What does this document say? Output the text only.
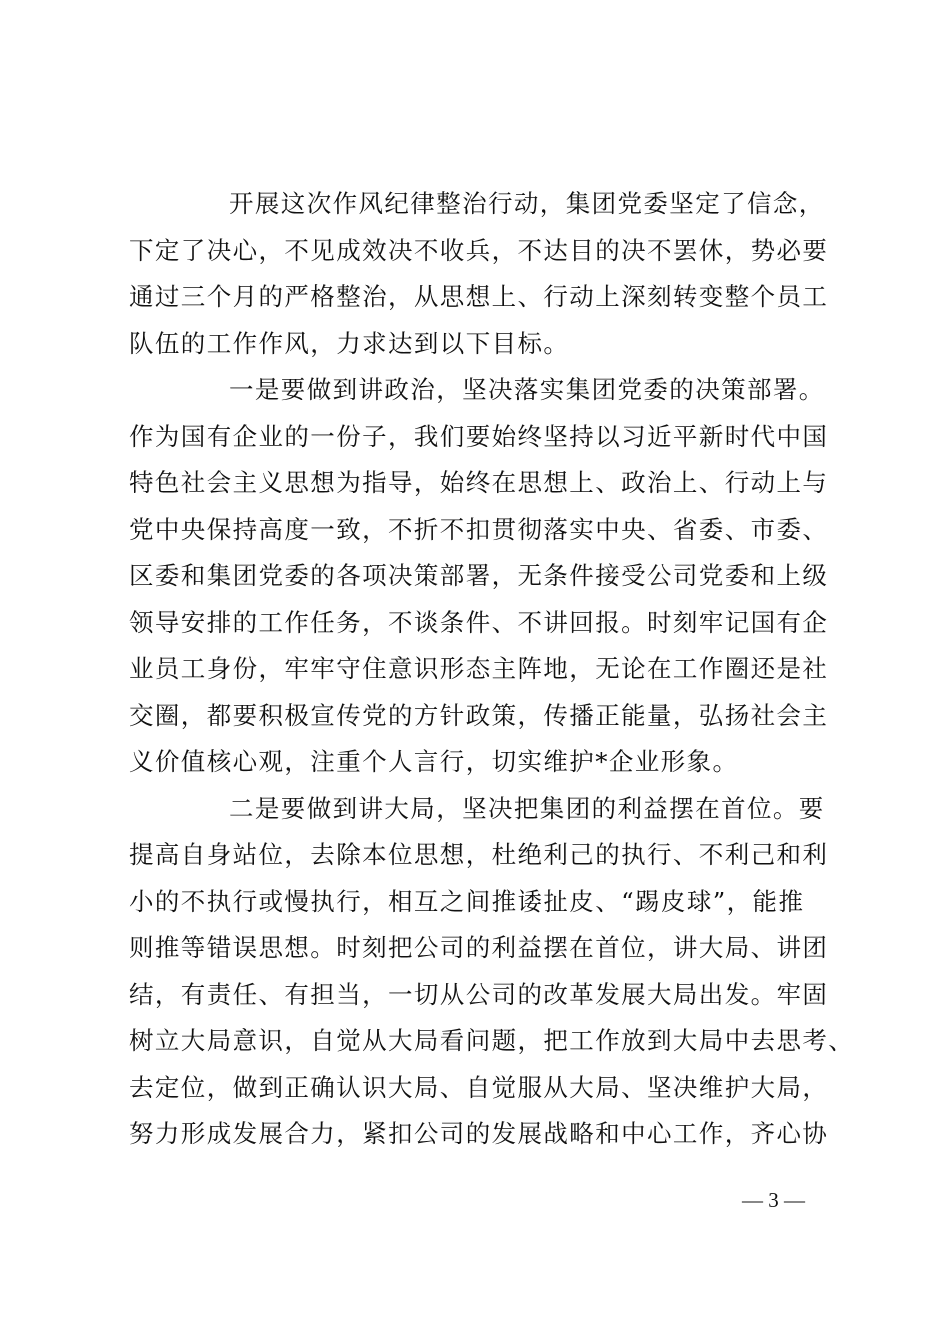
开展这次作风纪律整治行动，集团党委坚定了信念，
下定了决心，不见成效决不收兵，不达目的决不罢休，势必要
通过三个月的严格整治，从思想上、行动上深刻转变整个员工
队伍的工作作风，力求达到以下目标。
一是要做到讲政治，坚决落实集团党委的决策部署。
作为国有企业的一份子，我们要始终坚持以习近平新时代中国
特色社会主义思想为指导，始终在思想上、政治上、行动上与
党中央保持高度一致，不折不扣贯彻落实中央、省委、市委、
区委和集团党委的各项决策部署，无条件接受公司党委和上级
领导安排的工作任务，不谈条件、不讲回报。时刻牢记国有企
业员工身份，牢牢守住意识形态主阵地，无论在工作圈还是社
交圈，都要积极宣传党的方针政策，传播正能量，弘扬社会主
义价值核心观，注重个人言行，切实维护*企业形象。
二是要做到讲大局，坚决把集团的利益摆在首位。要
提高自身站位，去除本位思想，杜绝利己的执行、不利己和利
小的不执行或慢执行，相互之间推诿扯皮、“踢皮球”，能推
则推等错误思想。时刻把公司的利益摆在首位，讲大局、讲团
结，有责任、有担当，一切从公司的改革发展大局出发。牢固
树立大局意识，自觉从大局看问题，把工作放到大局中去思考、
去定位，做到正确认识大局、自觉服从大局、坚决维护大局，
努力形成发展合力，紧扣公司的发展战略和中心工作，齐心协
— 3 —
